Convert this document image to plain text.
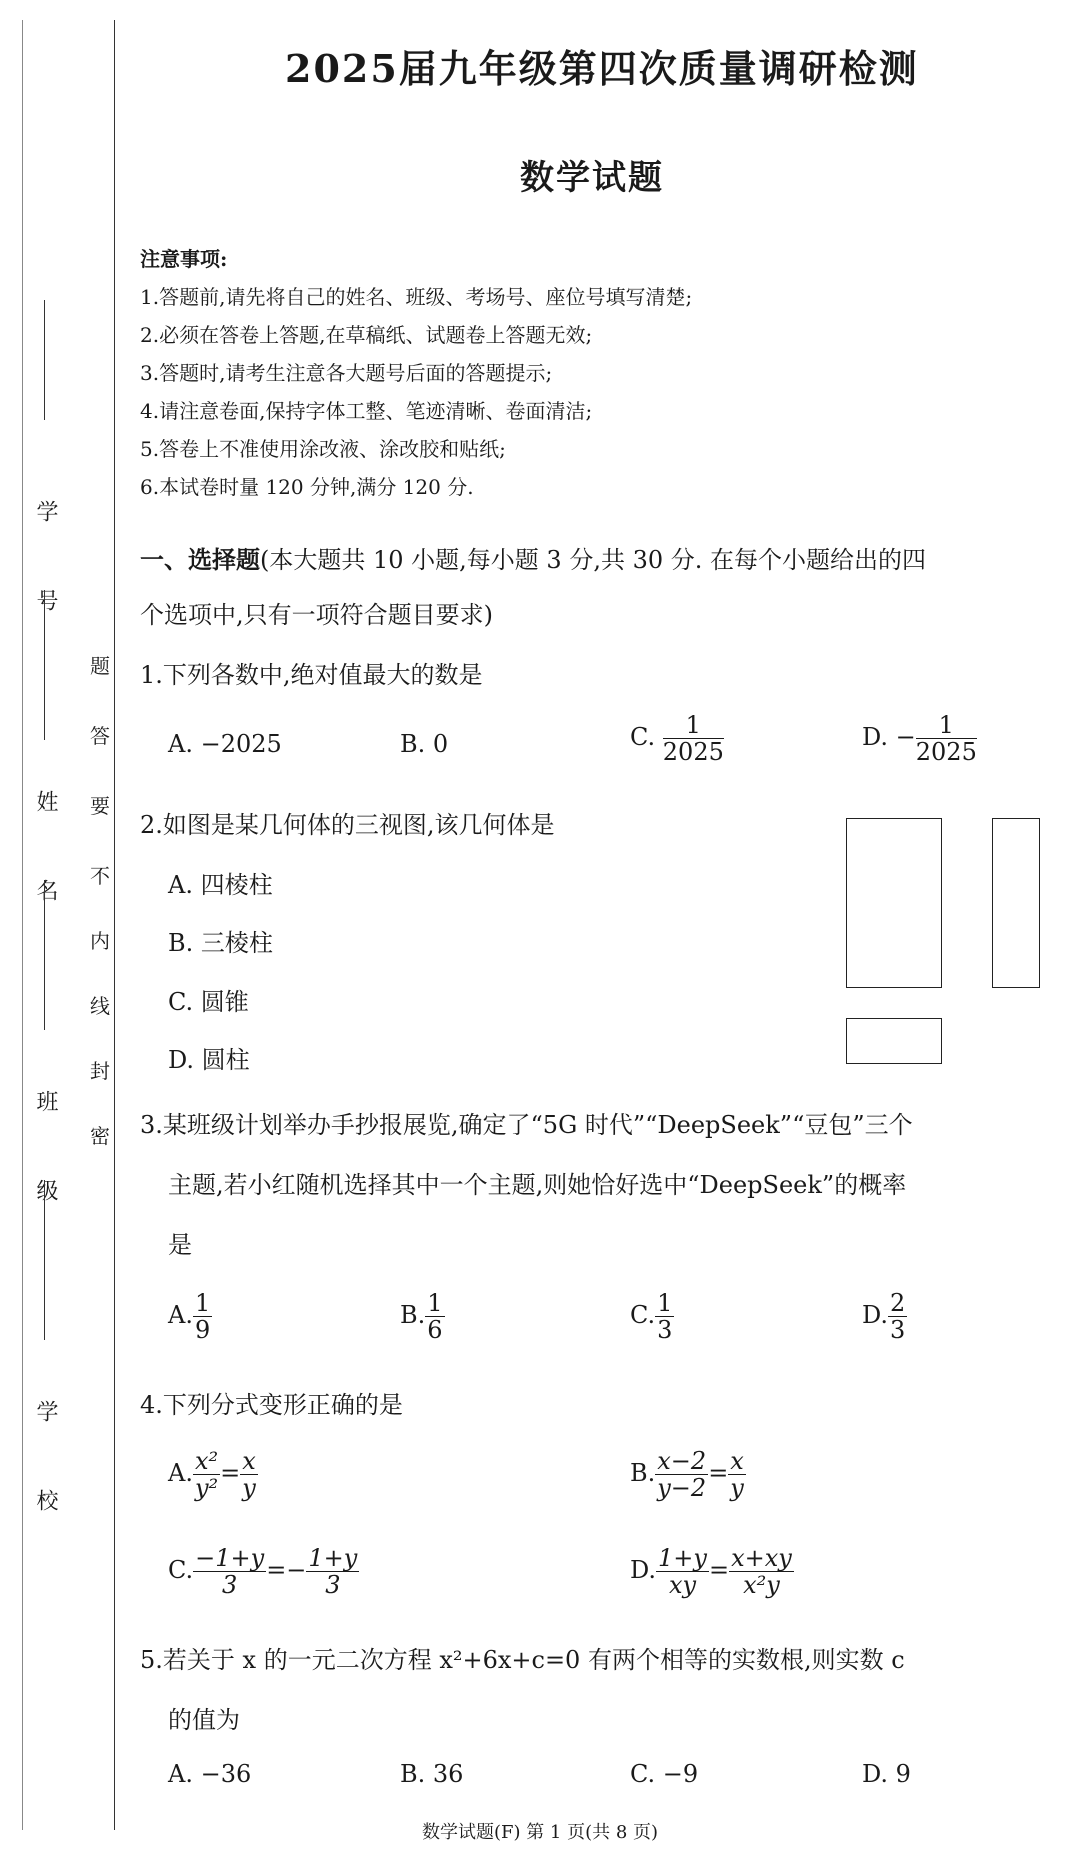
学 号
姓 名
班 级
学 校
密
封
线
内
不
要
答
题
2025届九年级第四次质量调研检测
数学试题
注意事项:
1.答题前,请先将自己的姓名、班级、考场号、座位号填写清楚;
2.必须在答卷上答题,在草稿纸、试题卷上答题无效;
3.答题时,请考生注意各大题号后面的答题提示;
4.请注意卷面,保持字体工整、笔迹清晰、卷面清洁;
5.答卷上不准使用涂改液、涂改胶和贴纸;
6.本试卷时量 120 分钟,满分 120 分.
一、选择题(本大题共 10 小题,每小题 3 分,共 30 分. 在每个小题给出的四
个选项中,只有一项符合题目要求)
1.下列各数中,绝对值最大的数是
A. −2025	B. 0	C. $\frac{1}{2025}$	D. − $\frac{1}{2025}$
2.如图是某几何体的三视图,该几何体是
A. 四棱柱
B. 三棱柱
C. 圆锥
D. 圆柱
3.某班级计划举办手抄报展览,确定了“5G 时代”“DeepSeek”“豆包”三个
主题,若小红随机选择其中一个主题,则她恰好选中“DeepSeek”的概率
是
A. $\frac{1}{9}$	B. $\frac{1}{6}$	C. $\frac{1}{3}$	D. $\frac{2}{3}$
4.下列分式变形正确的是
A. $\frac{\text{x²}}{\text{y²}} = \frac{x}{y}$	B. $\frac{x-2}{y-2} = \frac{x}{y}$
C. $\frac{-1+y}{3} =- \frac{1+y}{3}$	D. $\frac{1+y}{xy} = \frac{x+xy}{\text{x²y}}$
5.若关于 x 的一元二次方程 x²+6x+c=0 有两个相等的实数根,则实数 c
的值为
A. −36	B. 36	C. −9	D. 9
数学试题(F) 第 1 页(共 8 页)
